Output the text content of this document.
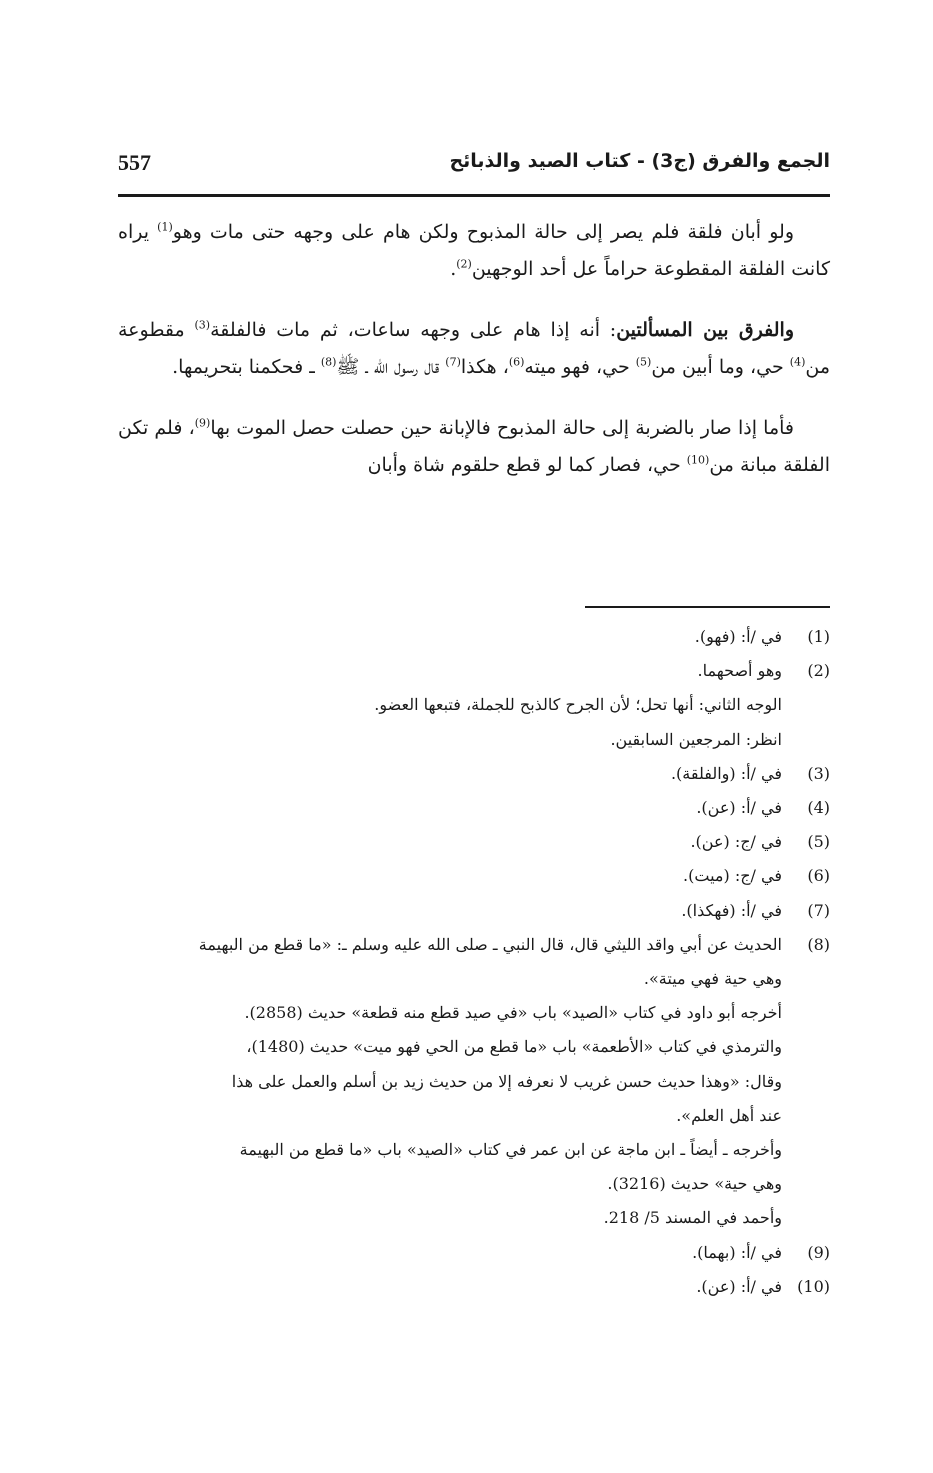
الجمع والفرق (ج3) - كتاب الصيد والذبائح
557

ولو أبان فلقة فلم يصر إلى حالة المذبوح ولكن هام على وجهه حتى مات وهو$^{(1)}$ يراه كانت الفلقة المقطوعة حراماً عل أحد الوجهين$^{(2)}$.

والفرق بين المسألتين: أنه إذا هام على وجهه ساعات، ثم مات فالفلقة$^{(3)}$ مقطوعة من$^{(4)}$ حي، وما أبين من$^{(5)}$ حي، فهو ميته$^{(6)}$، هكذا$^{(7)}$ قال رسول الله ـ ﷺ$^{(8)}$ ـ فحكمنا بتحريمها.

فأما إذا صار بالضربة إلى حالة المذبوح فالإبانة حين حصلت حصل الموت بها$^{(9)}$، فلم تكن الفلقة مبانة من$^{(10)}$ حي، فصار كما لو قطع حلقوم شاة وأبان

(1)
في /أ: (فهو).
(2)
وهو أصحهما.
الوجه الثاني: أنها تحل؛ لأن الجرح كالذبح للجملة، فتبعها العضو.
انظر: المرجعين السابقين.
(3)
في /أ: (والفلقة).
(4)
في /أ: (عن).
(5)
في /ج: (عن).
(6)
في /ج: (ميت).
(7)
في /أ: (فهكذا).
(8)
الحديث عن أبي واقد الليثي قال، قال النبي ـ صلى الله عليه وسلم ـ: «ما قطع من البهيمة
وهي حية فهي ميتة».
أخرجه أبو داود في كتاب «الصيد» باب «في صيد قطع منه قطعة» حديث (2858).
والترمذي في كتاب «الأطعمة» باب «ما قطع من الحي فهو ميت» حديث (1480)،
وقال: «وهذا حديث حسن غريب لا نعرفه إلا من حديث زيد بن أسلم والعمل على هذا
عند أهل العلم».
وأخرجه ـ أيضاً ـ ابن ماجة عن ابن عمر في كتاب «الصيد» باب «ما قطع من البهيمة
وهي حية» حديث (3216).
وأحمد في المسند 5/ 218.
(9)
في /أ: (بهما).
(10)
في /أ: (عن).
